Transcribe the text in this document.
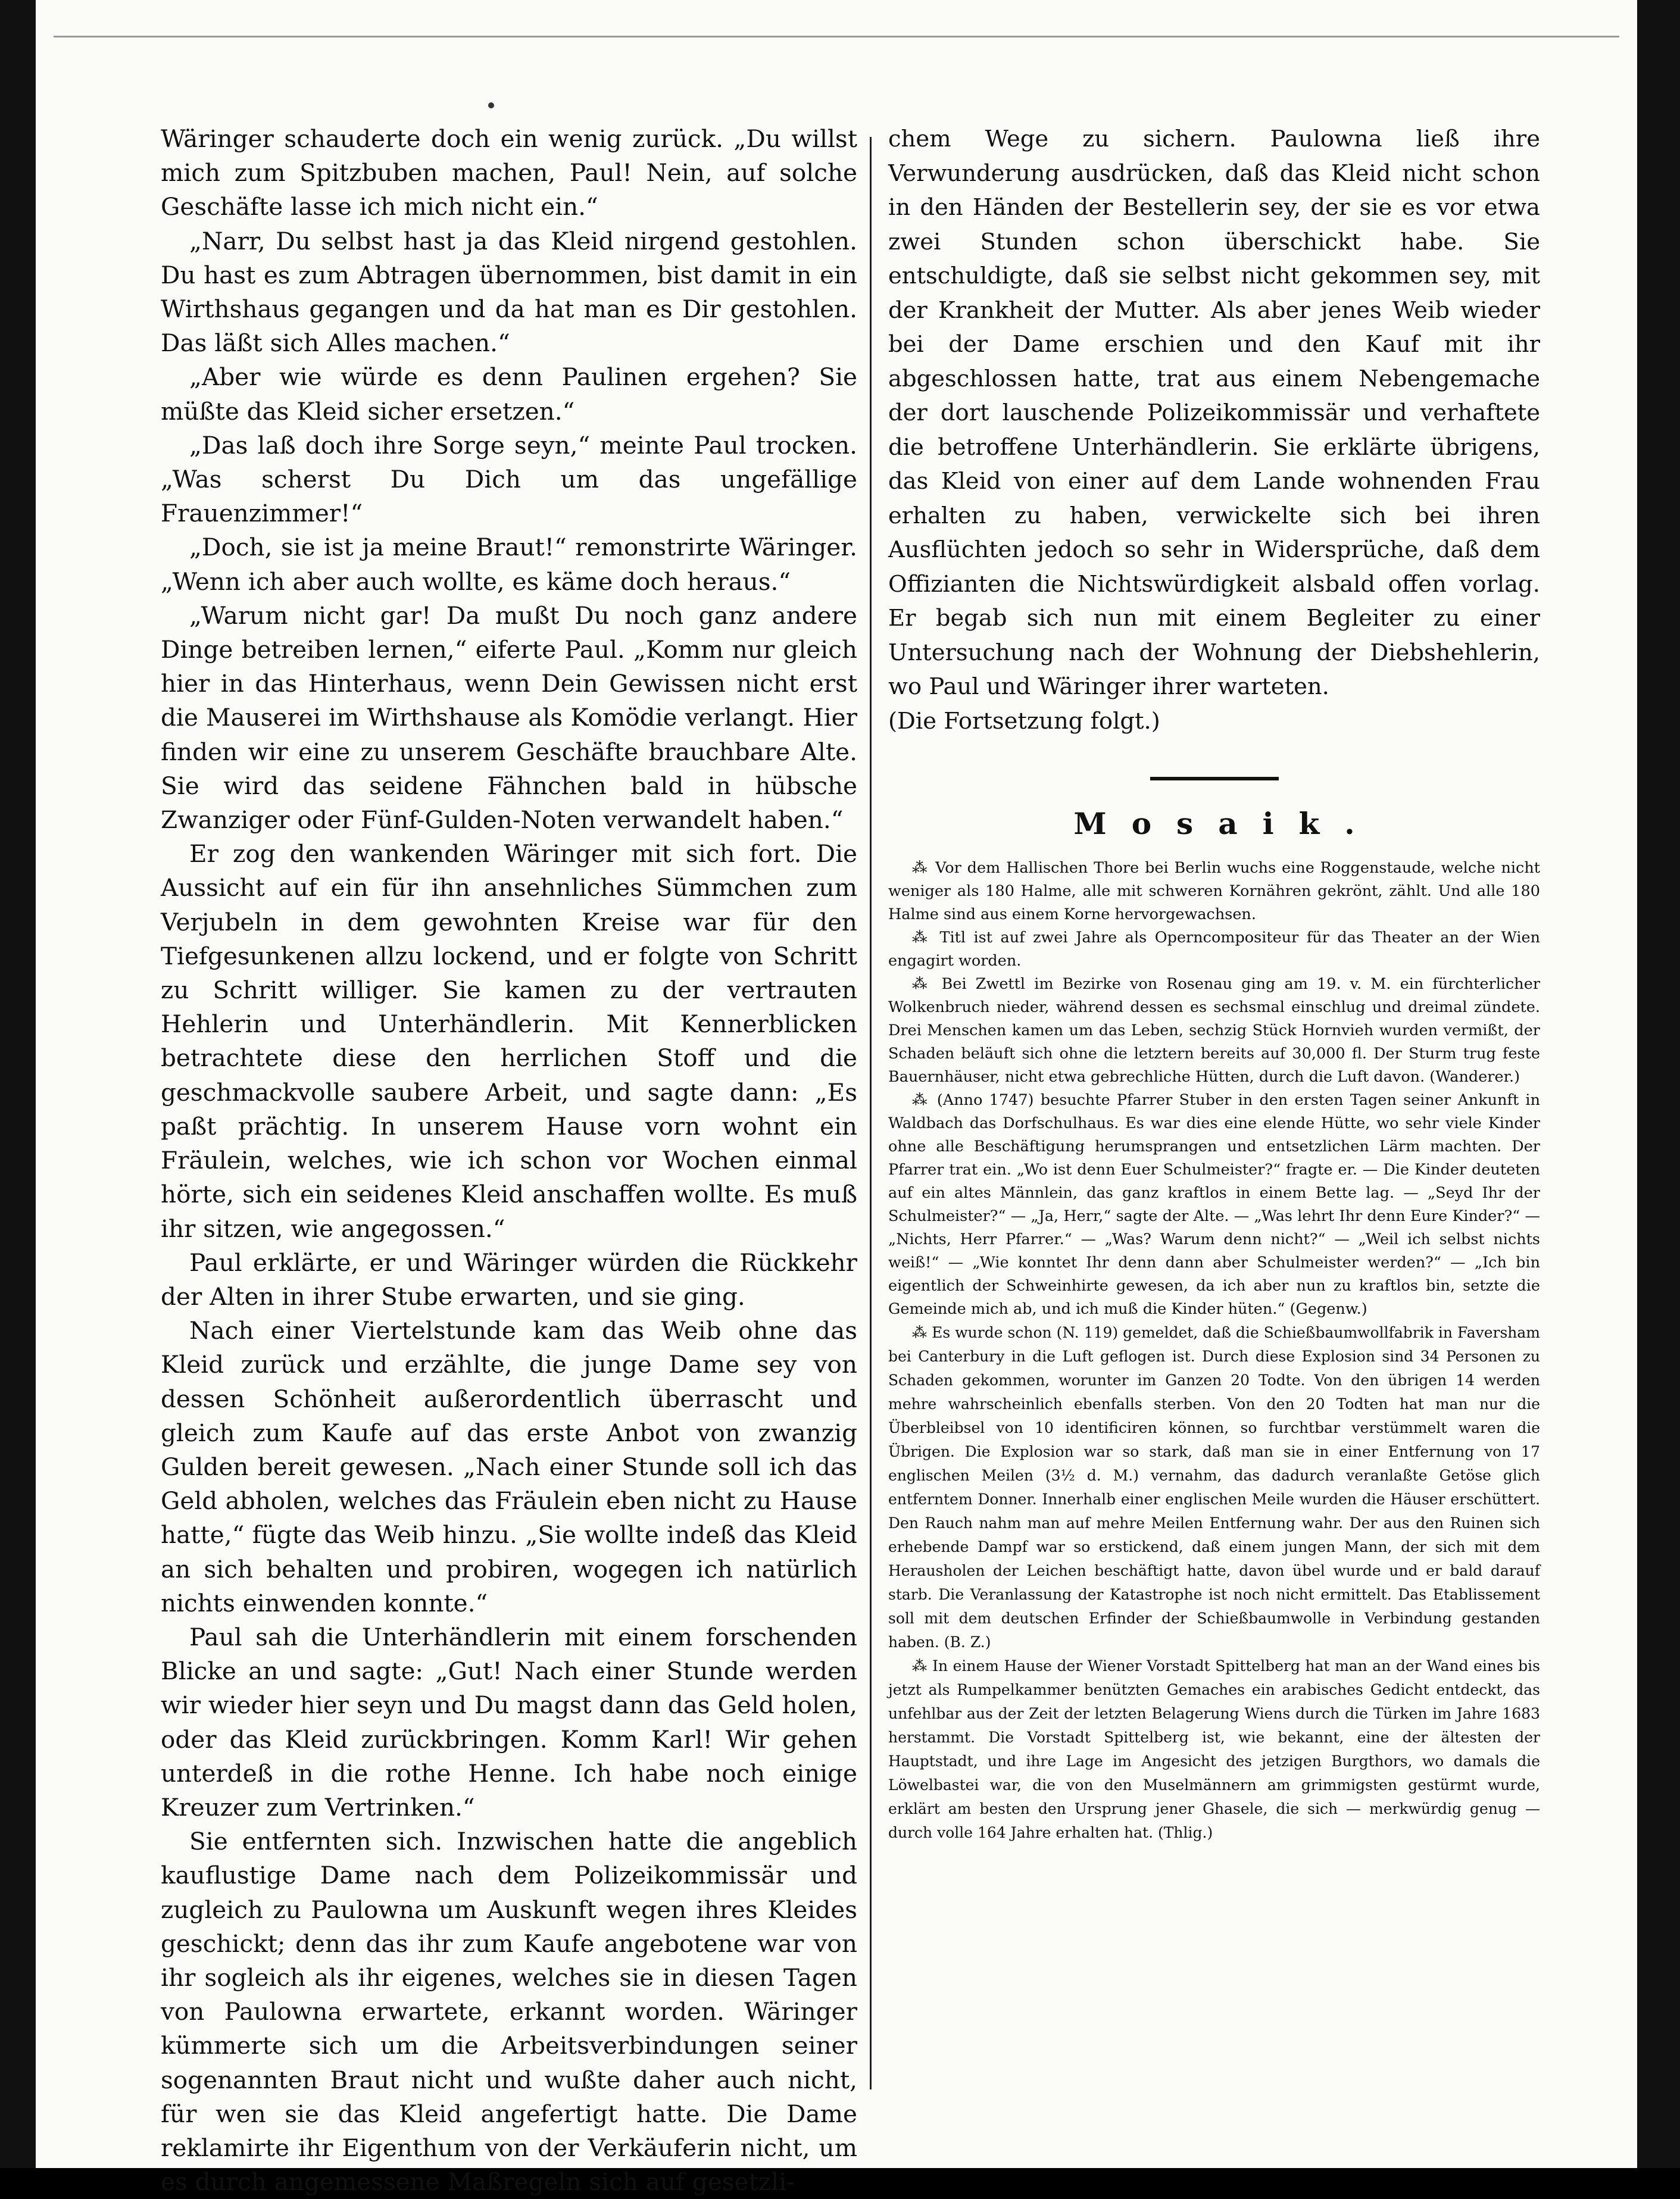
Wäringer schauderte doch ein wenig zurück. „Du willst mich zum Spitzbuben machen, Paul! Nein, auf solche Geschäfte lasse ich mich nicht ein.“

„Narr, Du selbst hast ja das Kleid nirgend gestohlen. Du hast es zum Abtragen übernommen, bist damit in ein Wirthshaus gegangen und da hat man es Dir gestohlen. Das läßt sich Alles machen.“

„Aber wie würde es denn Paulinen ergehen? Sie müßte das Kleid sicher ersetzen.“

„Das laß doch ihre Sorge seyn,“ meinte Paul trocken. „Was scherst Du Dich um das ungefällige Frauenzimmer!“

„Doch, sie ist ja meine Braut!“ remonstrirte Wäringer. „Wenn ich aber auch wollte, es käme doch heraus.“

„Warum nicht gar! Da mußt Du noch ganz andere Dinge betreiben lernen,“ eiferte Paul. „Komm nur gleich hier in das Hinterhaus, wenn Dein Gewissen nicht erst die Mauserei im Wirthshause als Komödie verlangt. Hier finden wir eine zu unserem Geschäfte brauchbare Alte. Sie wird das seidene Fähnchen bald in hübsche Zwanziger oder Fünf-Gulden-Noten verwandelt haben.“

Er zog den wankenden Wäringer mit sich fort. Die Aussicht auf ein für ihn ansehnliches Sümmchen zum Verjubeln in dem gewohnten Kreise war für den Tiefgesunkenen allzu lockend, und er folgte von Schritt zu Schritt williger. Sie kamen zu der vertrauten Hehlerin und Unterhändlerin. Mit Kennerblicken betrachtete diese den herrlichen Stoff und die geschmackvolle saubere Arbeit, und sagte dann: „Es paßt prächtig. In unserem Hause vorn wohnt ein Fräulein, welches, wie ich schon vor Wochen einmal hörte, sich ein seidenes Kleid anschaffen wollte. Es muß ihr sitzen, wie angegossen.“

Paul erklärte, er und Wäringer würden die Rückkehr der Alten in ihrer Stube erwarten, und sie ging.

Nach einer Viertelstunde kam das Weib ohne das Kleid zurück und erzählte, die junge Dame sey von dessen Schönheit außerordentlich überrascht und gleich zum Kaufe auf das erste Anbot von zwanzig Gulden bereit gewesen. „Nach einer Stunde soll ich das Geld abholen, welches das Fräulein eben nicht zu Hause hatte,“ fügte das Weib hinzu. „Sie wollte indeß das Kleid an sich behalten und probiren, wogegen ich natürlich nichts einwenden konnte.“

Paul sah die Unterhändlerin mit einem forschenden Blicke an und sagte: „Gut! Nach einer Stunde werden wir wieder hier seyn und Du magst dann das Geld holen, oder das Kleid zurückbringen. Komm Karl! Wir gehen unterdeß in die rothe Henne. Ich habe noch einige Kreuzer zum Vertrinken.“

Sie entfernten sich. Inzwischen hatte die angeblich kauflustige Dame nach dem Polizeikommissär und zugleich zu Paulowna um Auskunft wegen ihres Kleides geschickt; denn das ihr zum Kaufe angebotene war von ihr sogleich als ihr eigenes, welches sie in diesen Tagen von Paulowna erwartete, erkannt worden. Wäringer kümmerte sich um die Arbeitsverbindungen seiner sogenannten Braut nicht und wußte daher auch nicht, für wen sie das Kleid angefertigt hatte. Die Dame reklamirte ihr Eigenthum von der Verkäuferin nicht, um es durch angemessene Maßregeln sich auf gesetzli-

chem Wege zu sichern. Paulowna ließ ihre Verwunderung ausdrücken, daß das Kleid nicht schon in den Händen der Bestellerin sey, der sie es vor etwa zwei Stunden schon überschickt habe. Sie entschuldigte, daß sie selbst nicht gekommen sey, mit der Krankheit der Mutter. Als aber jenes Weib wieder bei der Dame erschien und den Kauf mit ihr abgeschlossen hatte, trat aus einem Nebengemache der dort lauschende Polizeikommissär und verhaftete die betroffene Unterhändlerin. Sie erklärte übrigens, das Kleid von einer auf dem Lande wohnenden Frau erhalten zu haben, verwickelte sich bei ihren Ausflüchten jedoch so sehr in Widersprüche, daß dem Offizianten die Nichtswürdigkeit alsbald offen vorlag. Er begab sich nun mit einem Begleiter zu einer Untersuchung nach der Wohnung der Diebshehlerin, wo Paul und Wäringer ihrer warteten.

(Die Fortsetzung folgt.)

Mosaik.

⁂ Vor dem Hallischen Thore bei Berlin wuchs eine Roggenstaude, welche nicht weniger als 180 Halme, alle mit schweren Kornähren gekrönt, zählt. Und alle 180 Halme sind aus einem Korne hervorgewachsen.

⁂ Titl ist auf zwei Jahre als Operncompositeur für das Theater an der Wien engagirt worden.

⁂ Bei Zwettl im Bezirke von Rosenau ging am 19. v. M. ein fürchterlicher Wolkenbruch nieder, während dessen es sechsmal einschlug und dreimal zündete. Drei Menschen kamen um das Leben, sechzig Stück Hornvieh wurden vermißt, der Schaden beläuft sich ohne die letztern bereits auf 30,000 fl. Der Sturm trug feste Bauernhäuser, nicht etwa gebrechliche Hütten, durch die Luft davon. (Wanderer.)

⁂ (Anno 1747) besuchte Pfarrer Stuber in den ersten Tagen seiner Ankunft in Waldbach das Dorfschulhaus. Es war dies eine elende Hütte, wo sehr viele Kinder ohne alle Beschäftigung herumsprangen und entsetzlichen Lärm machten. Der Pfarrer trat ein. „Wo ist denn Euer Schulmeister?“ fragte er. — Die Kinder deuteten auf ein altes Männlein, das ganz kraftlos in einem Bette lag. — „Seyd Ihr der Schulmeister?“ — „Ja, Herr,“ sagte der Alte. — „Was lehrt Ihr denn Eure Kinder?“ — „Nichts, Herr Pfarrer.“ — „Was? Warum denn nicht?“ — „Weil ich selbst nichts weiß!“ — „Wie konntet Ihr denn dann aber Schulmeister werden?“ — „Ich bin eigentlich der Schweinhirte gewesen, da ich aber nun zu kraftlos bin, setzte die Gemeinde mich ab, und ich muß die Kinder hüten.“ (Gegenw.)

⁂ Es wurde schon (N. 119) gemeldet, daß die Schießbaumwollfabrik in Faversham bei Canterbury in die Luft geflogen ist. Durch diese Explosion sind 34 Personen zu Schaden gekommen, worunter im Ganzen 20 Todte. Von den übrigen 14 werden mehre wahrscheinlich ebenfalls sterben. Von den 20 Todten hat man nur die Überbleibsel von 10 identificiren können, so furchtbar verstümmelt waren die Übrigen. Die Explosion war so stark, daß man sie in einer Entfernung von 17 englischen Meilen (3½ d. M.) vernahm, das dadurch veranlaßte Getöse glich entferntem Donner. Innerhalb einer englischen Meile wurden die Häuser erschüttert. Den Rauch nahm man auf mehre Meilen Entfernung wahr. Der aus den Ruinen sich erhebende Dampf war so erstickend, daß einem jungen Mann, der sich mit dem Herausholen der Leichen beschäftigt hatte, davon übel wurde und er bald darauf starb. Die Veranlassung der Katastrophe ist noch nicht ermittelt. Das Etablissement soll mit dem deutschen Erfinder der Schießbaumwolle in Verbindung gestanden haben. (B. Z.)

⁂ In einem Hause der Wiener Vorstadt Spittelberg hat man an der Wand eines bis jetzt als Rumpelkammer benützten Gemaches ein arabisches Gedicht entdeckt, das unfehlbar aus der Zeit der letzten Belagerung Wiens durch die Türken im Jahre 1683 herstammt. Die Vorstadt Spittelberg ist, wie bekannt, eine der ältesten der Hauptstadt, und ihre Lage im Angesicht des jetzigen Burgthors, wo damals die Löwelbastei war, die von den Muselmännern am grimmigsten gestürmt wurde, erklärt am besten den Ursprung jener Ghasele, die sich — merkwürdig genug — durch volle 164 Jahre erhalten hat. (Thlig.)
